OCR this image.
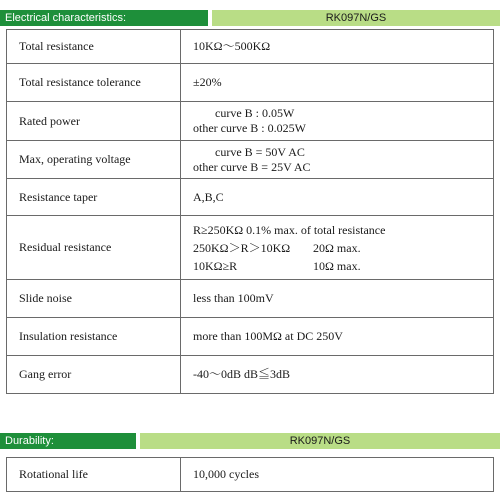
Electrical characteristics:	RK097N/GS
Total resistance	10KΩ～500KΩ
Total resistance tolerance	±20%
Rated power	curve B : 0.05W
other curve B : 0.025W

Max, operating voltage	curve B = 50V AC
other curve B = 25V AC

Resistance taper	A,B,C
Residual resistance	R≥250KΩ 0.1% max. of total resistance
250KΩ＞R＞10KΩ 20Ω max.
10KΩ≥R 10Ω max.

Slide noise	less than 100mV
Insulation resistance	more than 100MΩ at DC 250V
Gang error	-40～0dB dB≦3dB
Durability:	RK097N/GS
Rotational life	10,000 cycles
